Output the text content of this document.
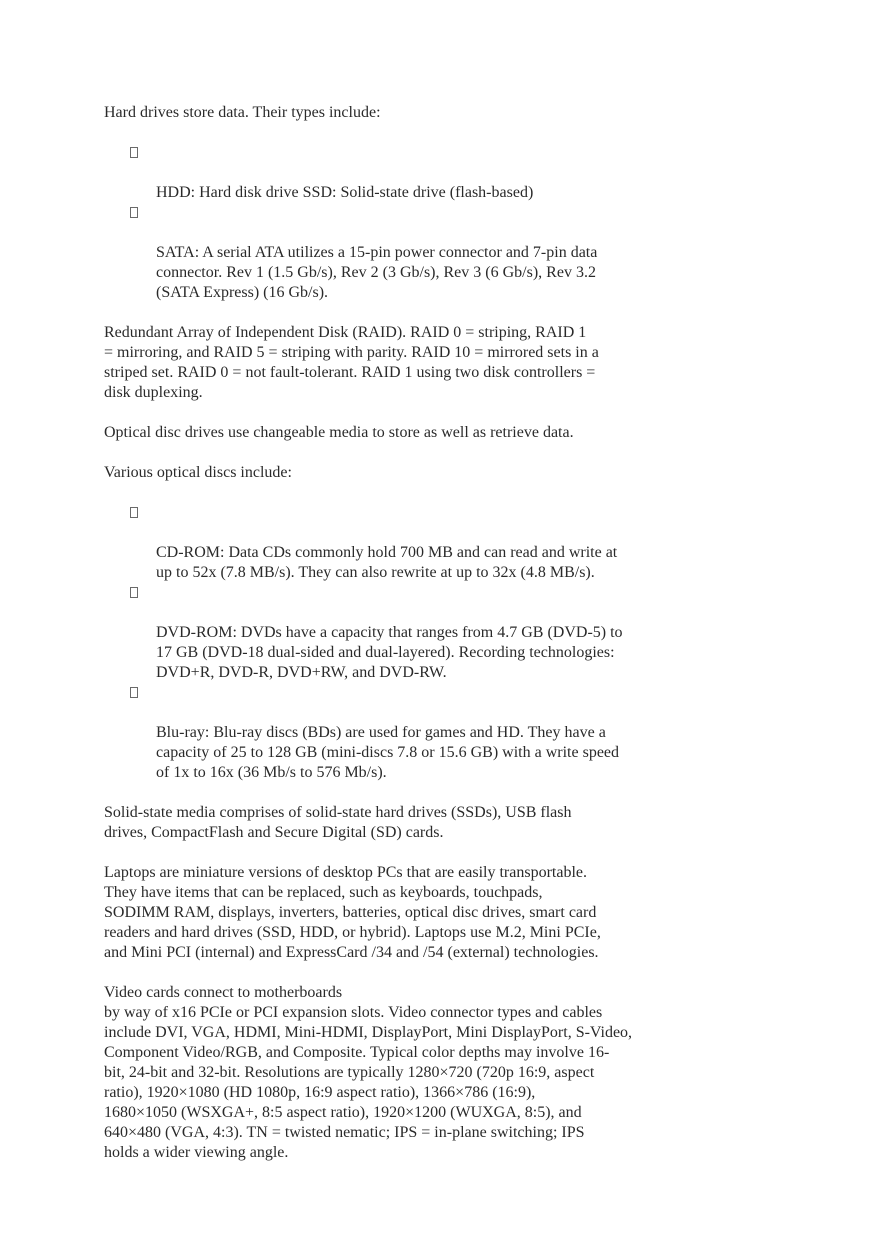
Hard drives store data. Their types include:

HDD: Hard disk drive SSD: Solid-state drive (flash-based)

SATA: A serial ATA utilizes a 15-pin power connector and 7-pin data
connector. Rev 1 (1.5 Gb/s), Rev 2 (3 Gb/s), Rev 3 (6 Gb/s), Rev 3.2
(SATA Express) (16 Gb/s).

Redundant Array of Independent Disk (RAID). RAID 0 = striping, RAID 1
= mirroring, and RAID 5 = striping with parity. RAID 10 = mirrored sets in a
striped set. RAID 0 = not fault-tolerant. RAID 1 using two disk controllers =
disk duplexing.

Optical disc drives use changeable media to store as well as retrieve data.

Various optical discs include:

CD-ROM: Data CDs commonly hold 700 MB and can read and write at
up to 52x (7.8 MB/s). They can also rewrite at up to 32x (4.8 MB/s).

DVD-ROM: DVDs have a capacity that ranges from 4.7 GB (DVD-5) to
17 GB (DVD-18 dual-sided and dual-layered). Recording technologies:
DVD+R, DVD-R, DVD+RW, and DVD-RW.

Blu-ray: Blu-ray discs (BDs) are used for games and HD. They have a
capacity of 25 to 128 GB (mini-discs 7.8 or 15.6 GB) with a write speed
of 1x to 16x (36 Mb/s to 576 Mb/s).

Solid-state media comprises of solid-state hard drives (SSDs), USB flash
drives, CompactFlash and Secure Digital (SD) cards.

Laptops are miniature versions of desktop PCs that are easily transportable.
They have items that can be replaced, such as keyboards, touchpads,
SODIMM RAM, displays, inverters, batteries, optical disc drives, smart card
readers and hard drives (SSD, HDD, or hybrid). Laptops use M.2, Mini PCIe,
and Mini PCI (internal) and ExpressCard /34 and /54 (external) technologies.

Video cards connect to motherboards
by way of x16 PCIe or PCI expansion slots. Video connector types and cables
include DVI, VGA, HDMI, Mini-HDMI, DisplayPort, Mini DisplayPort, S-Video,
Component Video/RGB, and Composite. Typical color depths may involve 16-
bit, 24-bit and 32-bit. Resolutions are typically 1280×720 (720p 16:9, aspect
ratio), 1920×1080 (HD 1080p, 16:9 aspect ratio), 1366×786 (16:9),
1680×1050 (WSXGA+, 8:5 aspect ratio), 1920×1200 (WUXGA, 8:5), and
640×480 (VGA, 4:3). TN = twisted nematic; IPS = in-plane switching; IPS
holds a wider viewing angle.
